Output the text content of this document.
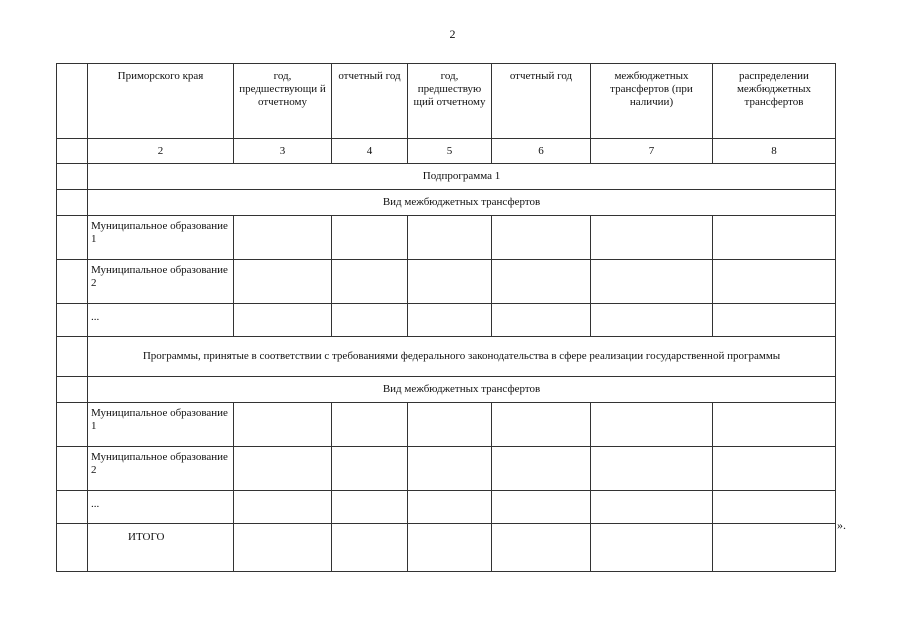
2
	Приморского края	год, предшествующи й отчетному	отчетный год	год, предшествую щий отчетному	отчетный год	межбюджетных трансфертов (при наличии)	распределении межбюджетных трансфертов
	2	3	4	5	6	7	8
	Подпрограмма 1						
	Вид межбюджетных трансфертов						
	Муниципальное образование 1						
	Муниципальное образование 2						
	...						
	Программы, принятые в соответствии с требованиями федерального законодательства в сфере реализации государственной программы						
	Вид межбюджетных трансфертов						
	Муниципальное образование 1						
	Муниципальное образование 2						
	...						
	ИТОГО						
».
